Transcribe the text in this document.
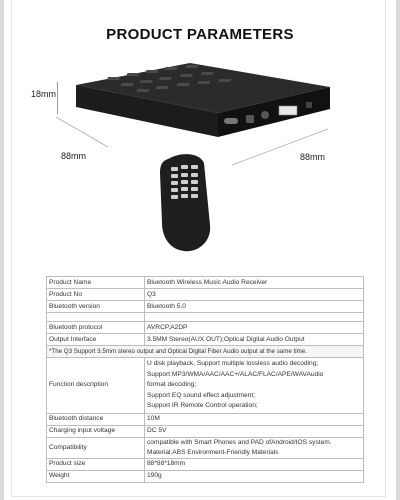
PRODUCT PARAMETERS
18mm
88mm	88mm
Product Name	Bluetooth Wireless Music Audio Receiver
Product No	Q3
Bluetooth version	Bluetooth 5.0

Bluetooth protocol	AVRCP,A2DP
Output Interface	3.5MM Stereo(AUX OUT);Optical Digital Audio Output
*The Q3 Support 3.5mm stereo output and Optical Digital Fiber Audio output at the same time.	
Function description	U disk playback, Support multiple lossless audio decoding;
Support MP3/WMA/AAC/AAC+/ALAC/FLAC/APE/WAVAudio
format decoding;
Support EQ sound effect adjustment;
Support IR Remote Control operation;

Bluetooth distance	10M
Charging input voltage	DC 5V
Compatibility	compatible with Smart Phones and PAD ofAndroid/IOS system.
Material:ABS Environment-Friendly Materials

Product size	88*88*18mm
Weight	190g
